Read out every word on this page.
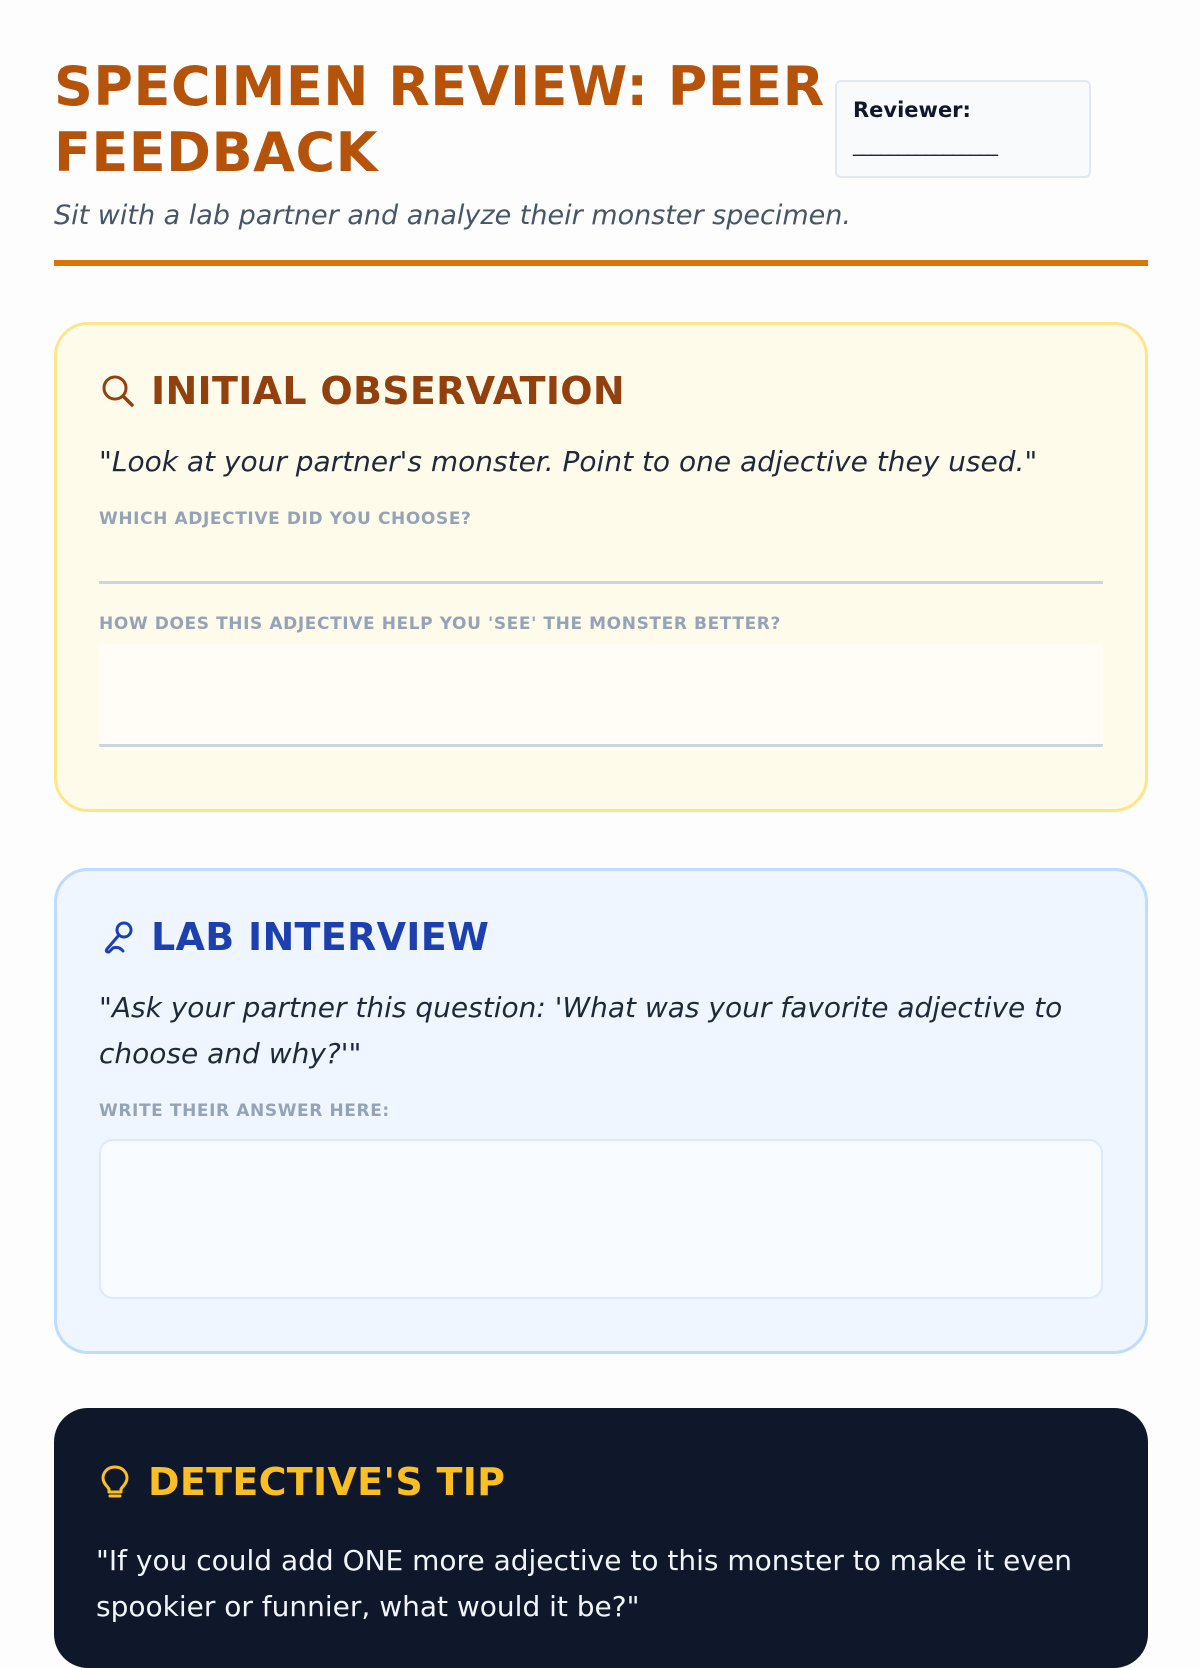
SPECIMEN REVIEW: PEER FEEDBACK

Sit with a lab partner and analyze their monster specimen.

Reviewer:
________________
INITIAL OBSERVATION
"Look at your partner's monster. Point to one adjective they used."
WHICH ADJECTIVE DID YOU CHOOSE?
HOW DOES THIS ADJECTIVE HELP YOU 'SEE' THE MONSTER BETTER?
LAB INTERVIEW
"Ask your partner this question: 'What was your favorite adjective to choose and why?'"
WRITE THEIR ANSWER HERE:
DETECTIVE'S TIP
"If you could add ONE more adjective to this monster to make it even spookier or funnier, what would it be?"
